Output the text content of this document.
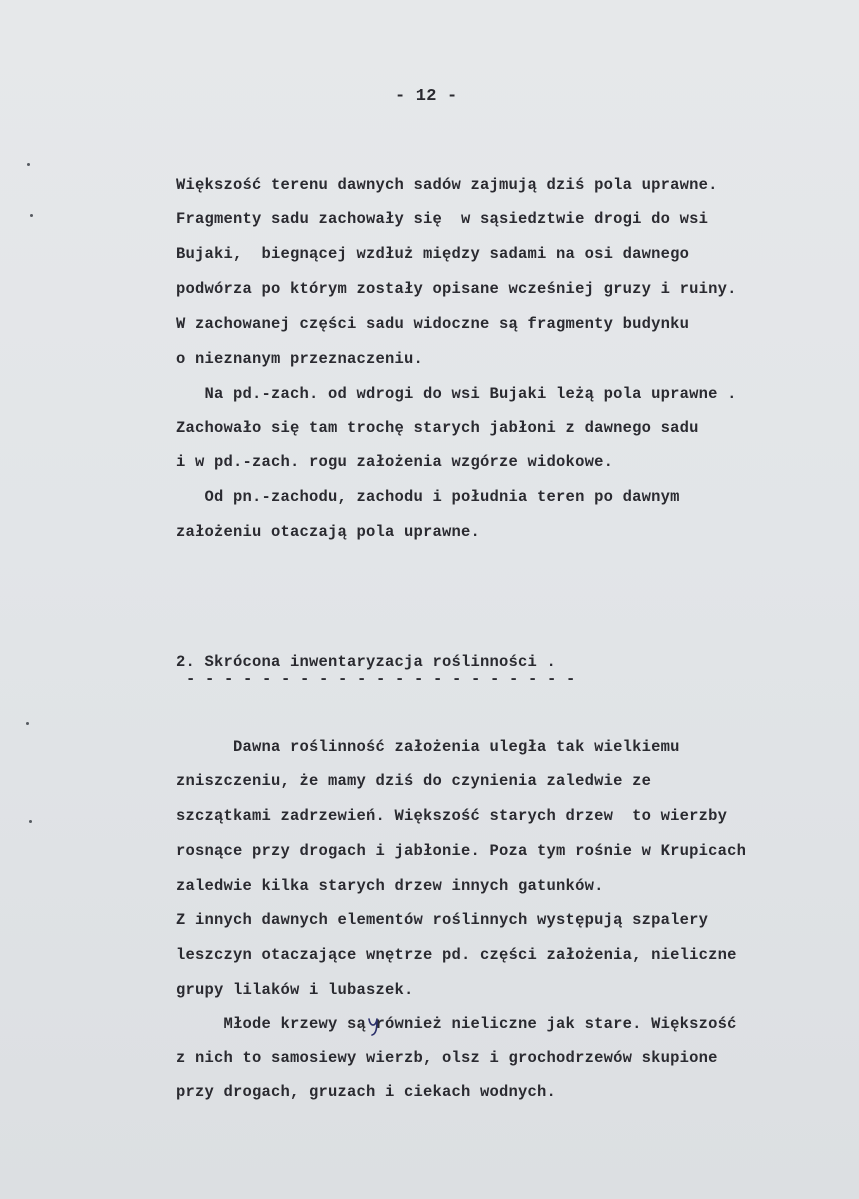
- 12 -
Większość terenu dawnych sadów zajmują dziś pola uprawne.
Fragmenty sadu zachowały się  w sąsiedztwie drogi do wsi
Bujaki,  biegnącej wzdłuż między sadami na osi dawnego
podwórza po którym zostały opisane wcześniej gruzy i ruiny.
W zachowanej części sadu widoczne są fragmenty budynku
o nieznanym przeznaczeniu.
Na pd.-zach. od wdrogi do wsi Bujaki leżą pola uprawne .
Zachowało się tam trochę starych jabłoni z dawnego sadu
i w pd.-zach. rogu założenia wzgórze widokowe.
Od pn.-zachodu, zachodu i południa teren po dawnym
założeniu otaczają pola uprawne.
2. Skrócona inwentaryzacja roślinności .
- - - - - - - - - - - - - - - - - - - - -
Dawna roślinność założenia uległa tak wielkiemu
zniszczeniu, że mamy dziś do czynienia zaledwie ze
szczątkami zadrzewień. Większość starych drzew  to wierzby
rosnące przy drogach i jabłonie. Poza tym rośnie w Krupicach
zaledwie kilka starych drzew innych gatunków.
Z innych dawnych elementów roślinnych występują szpalery
leszczyn otaczające wnętrze pd. części założenia, nieliczne
grupy lilaków i lubaszek.
Młode krzewy są również nieliczne jak stare. Większość
z nich to samosiewy wierzb, olsz i grochodrzewów skupione
przy drogach, gruzach i ciekach wodnych.
